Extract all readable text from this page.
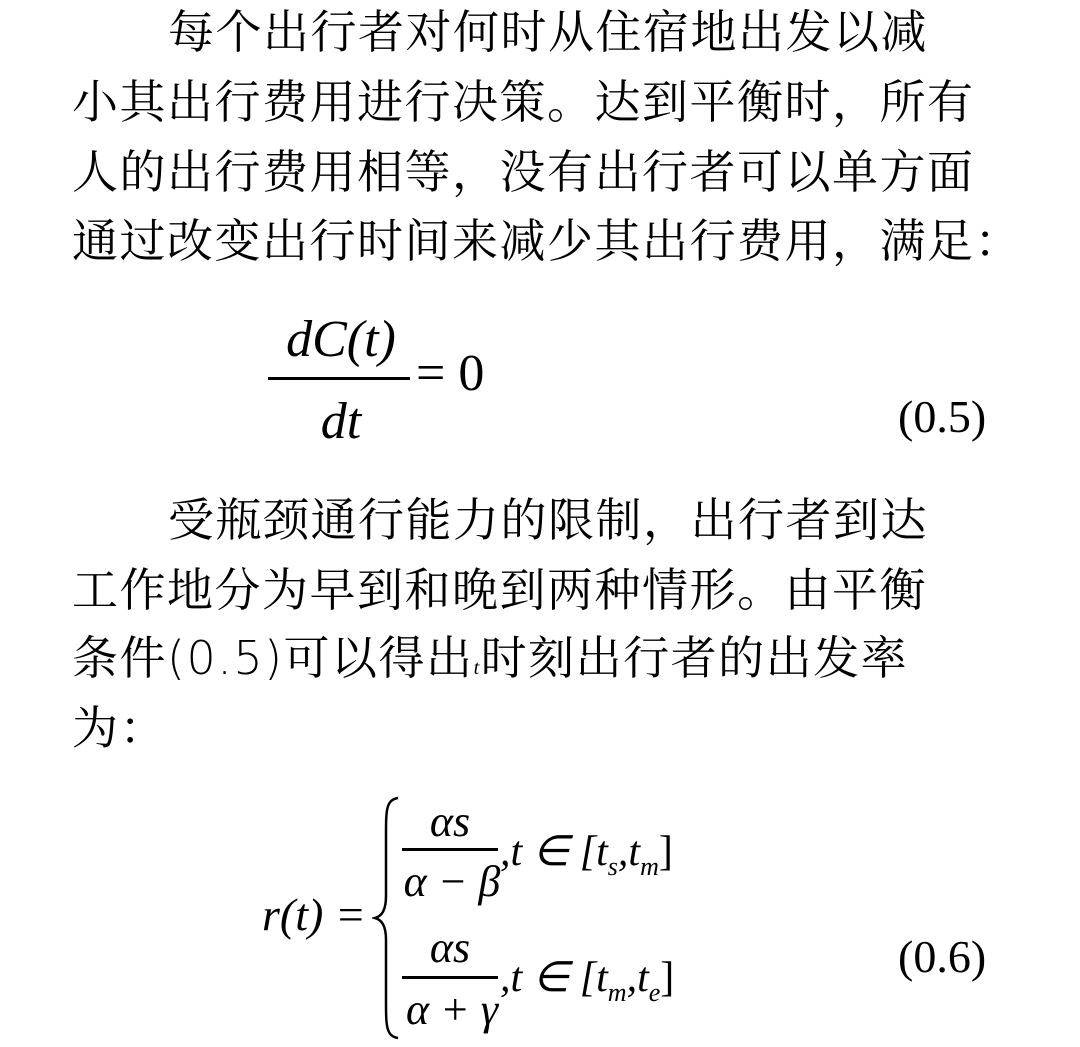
每个出行者对何时从住宿地出发以减
小其出行费用进行决策。达到平衡时，所有
人的出行费用相等，没有出行者可以单方面
通过改变出行时间来减少其出行费用，满足：
dC(t)
dt
= 0
(0.5)
受瓶颈通行能力的限制，出行者到达
工作地分为早到和晚到两种情形。由平衡
条件(0.5)可以得出t时刻出行者的出发率
为：
r(t) =
αs
α − β
,t ∈ $[t_s,t_m]$
αs
α + γ
,t ∈ $[t_m,t_e]$	(0.6)
